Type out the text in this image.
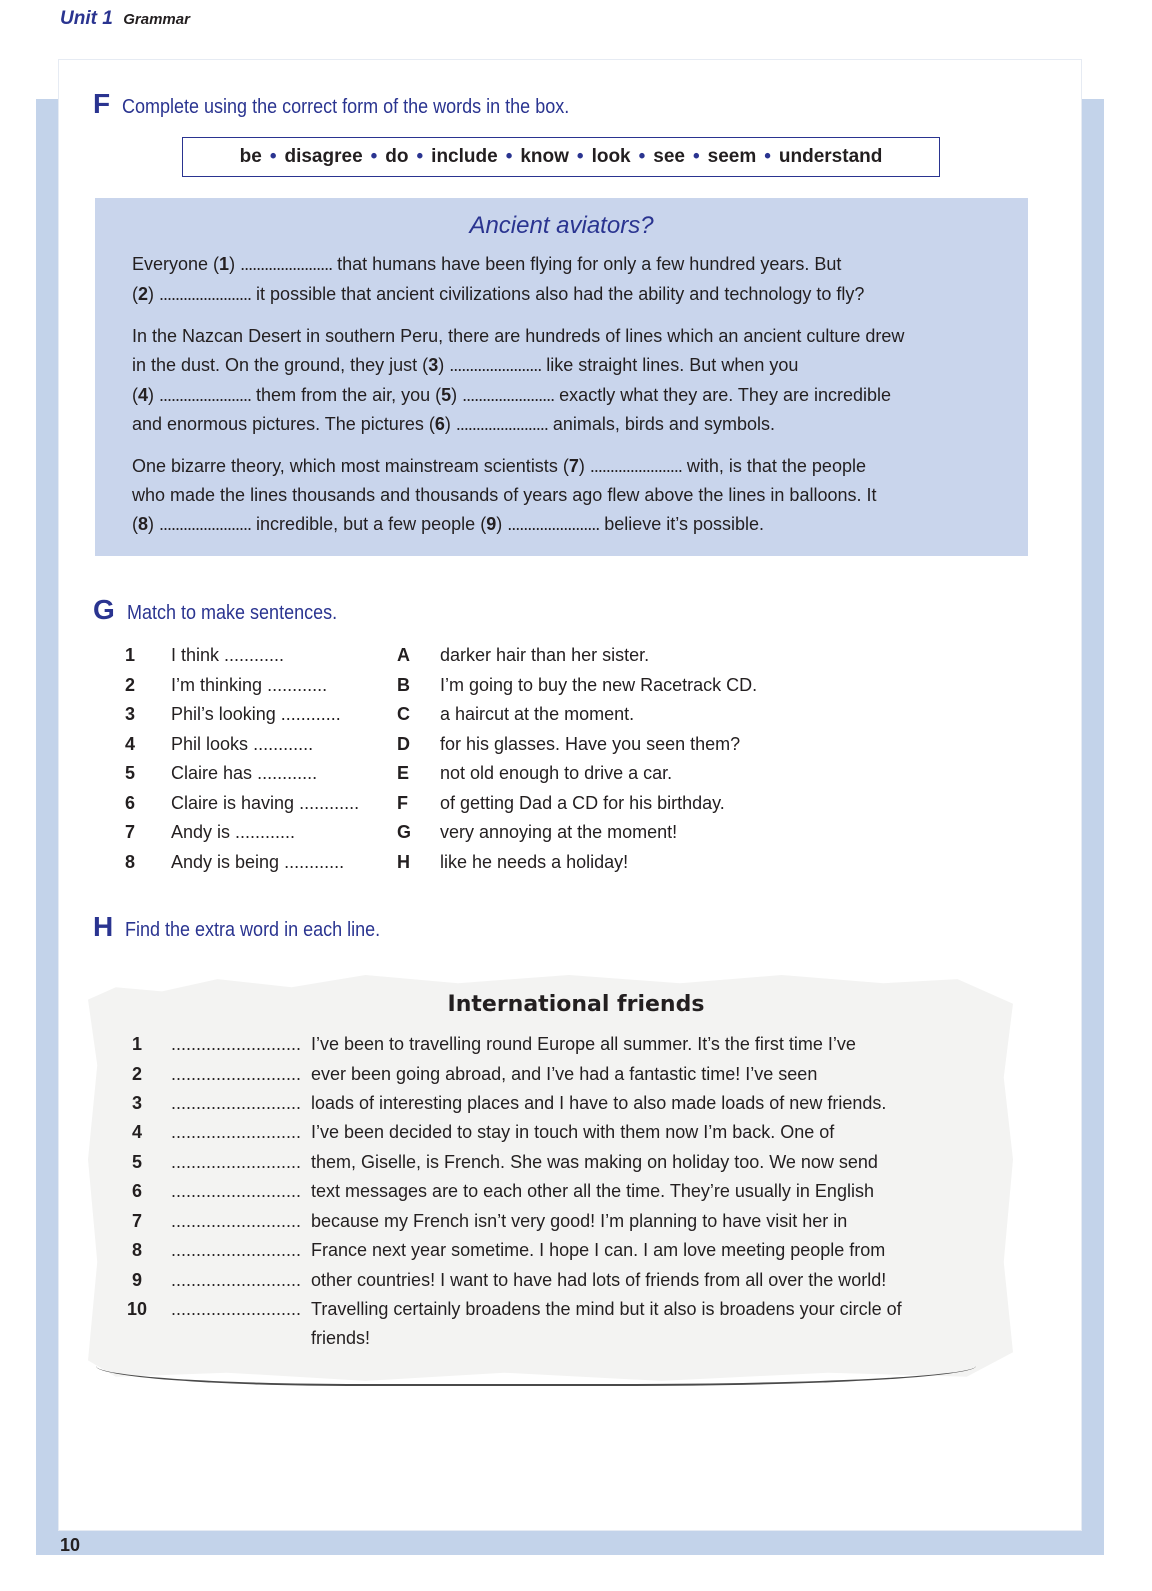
Unit 1 Grammar
F Complete using the correct form of the words in the box.
be • disagree • do • include • know • look • see • seem • understand
Ancient aviators?
Everyone (1) ....................... that humans have been flying for only a few hundred years. But
(2) ....................... it possible that ancient civilizations also had the ability and technology to fly?
In the Nazcan Desert in southern Peru, there are hundreds of lines which an ancient culture drew
in the dust. On the ground, they just (3) ....................... like straight lines. But when you
(4) ....................... them from the air, you (5) ....................... exactly what they are. They are incredible
and enormous pictures. The pictures (6) ....................... animals, birds and symbols.
One bizarre theory, which most mainstream scientists (7) ....................... with, is that the people
who made the lines thousands and thousands of years ago flew above the lines in balloons. It
(8) ....................... incredible, but a few people (9) ....................... believe it’s possible.
G Match to make sentences.
1 I think ............	A darker hair than her sister.
2 I’m thinking ............	B I’m going to buy the new Racetrack CD.
3 Phil’s looking ............	C a haircut at the moment.
4 Phil looks ............	D for his glasses. Have you seen them?
5 Claire has ............	E not old enough to drive a car.
6 Claire is having ............ F of getting Dad a CD for his birthday.
7 Andy is ............	G very annoying at the moment!
8 Andy is being ............	H like he needs a holiday!
H Find the extra word in each line.
International friends
1	.......................... I’ve been to travelling round Europe all summer. It’s the first time I’ve
2	.......................... ever been going abroad, and I’ve had a fantastic time! I’ve seen
3	.......................... loads of interesting places and I have to also made loads of new friends.
4	.......................... I’ve been decided to stay in touch with them now I’m back. One of
5	.......................... them, Giselle, is French. She was making on holiday too. We now send
6	.......................... text messages are to each other all the time. They’re usually in English
7	.......................... because my French isn’t very good! I’m planning to have visit her in
8	.......................... France next year sometime. I hope I can. I am love meeting people from
9	.......................... other countries! I want to have had lots of friends from all over the world!
10 .......................... Travelling certainly broadens the mind but it also is broadens your circle of
friends!
10
